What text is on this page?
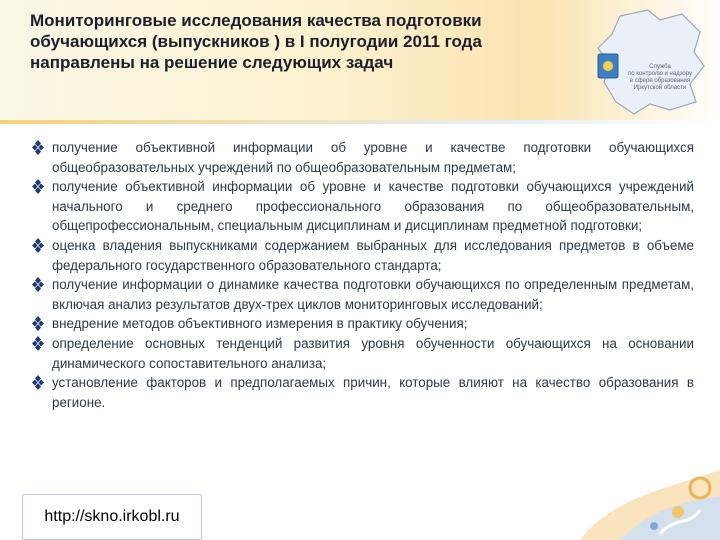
Мониторинговые исследования качества подготовки
обучающихся (выпускников ) в I полугодии 2011 года
направлены на решение следующих задач	Служба
по контролю и надзору
в сфере образования
Иркутской области
получение объективной информации об уровне и качестве подготовки обучающихся общеобразовательных учреждений по общеобразовательным предметам;
получение объективной информации об уровне и качестве подготовки обучающихся учреждений начального и среднего профессионального образования по общеобразовательным, общепрофессиональным, специальным дисциплинам и дисциплинам предметной подготовки;
оценка владения выпускниками содержанием выбранных для исследования предметов в объеме федерального государственного образовательного стандарта;
получение информации о динамике качества подготовки обучающихся по определенным предметам, включая анализ результатов двух-трех циклов мониторинговых исследований;
внедрение методов объективного измерения в практику обучения;
определение основных тенденций развития уровня обученности обучающихся на основании динамического сопоставительного анализа;
установление факторов и предполагаемых причин, которые влияют на качество образования в регионе.
http://skno.irkobl.ru
